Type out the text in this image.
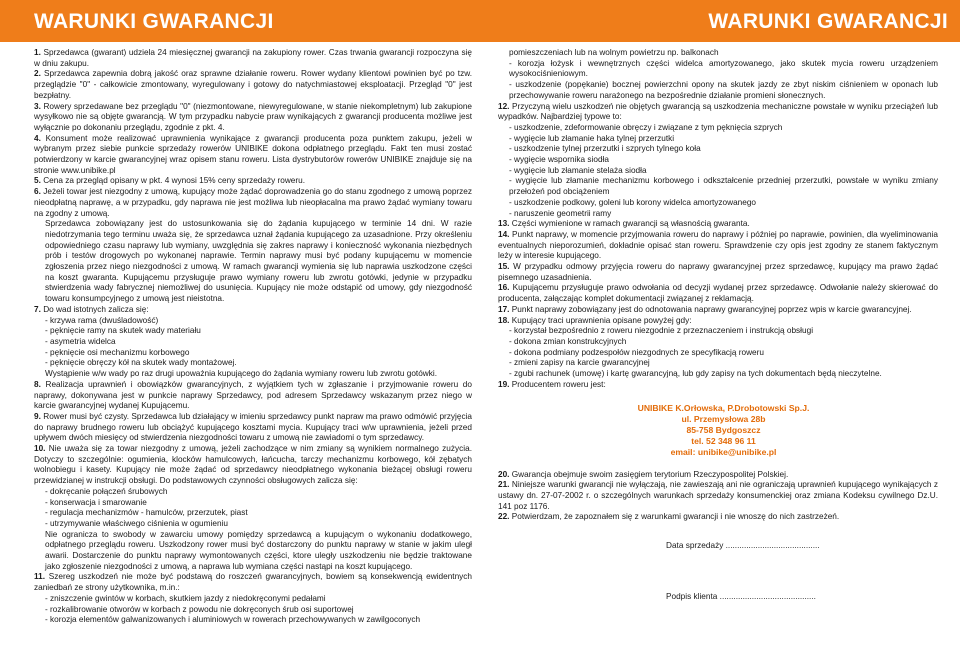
WARUNKI GWARANCJI	WARUNKI GWARANCJI

1. Sprzedawca (gwarant) udziela 24 miesięcznej gwarancji na zakupiony rower. Czas trwania gwarancji rozpoczyna się w dniu zakupu.

2. Sprzedawca zapewnia dobrą jakość oraz sprawne działanie roweru. Rower wydany klientowi powinien być po tzw. przeglądzie "0" - całkowicie zmontowany, wyregulowany i gotowy do natychmiastowej eksploatacji. Przegląd "0" jest bezpłatny.

3. Rowery sprzedawane bez przeglądu "0" (niezmontowane, niewyregulowane, w stanie niekompletnym) lub zakupione wysyłkowo nie są objęte gwarancją. W tym przypadku nabycie praw wynikających z gwarancji producenta możliwe jest wyłącznie po dokonaniu przeglądu, zgodnie z pkt. 4.

4. Konsument może realizować uprawnienia wynikające z gwarancji producenta poza punktem zakupu, jeżeli w wybranym przez siebie punkcie sprzedaży rowerów UNIBIKE dokona odpłatnego przeglądu. Fakt ten musi zostać potwierdzony w karcie gwarancyjnej wraz opisem stanu roweru. Lista dystrybutorów rowerów UNIBIKE znajduje się na stronie www.unibike.pl

5. Cena za przegląd opisany w pkt. 4 wynosi 15% ceny sprzedaży roweru.

6. Jeżeli towar jest niezgodny z umową, kupujący może żądać doprowadzenia go do stanu zgodnego z umową poprzez nieodpłatną naprawę, a w przypadku, gdy naprawa nie jest możliwa lub nieopłacalna ma prawo żądać wymiany towaru na zgodny z umową.

Sprzedawca zobowiązany jest do ustosunkowania się do żądania kupującego w terminie 14 dni. W razie niedotrzymania tego terminu uważa się, że sprzedawca uznał żądania kupującego za uzasadnione. Przy określeniu odpowiedniego czasu naprawy lub wymiany, uwzględnia się zakres naprawy i konieczność wykonania niezbędnych prób i testów drogowych po wykonanej naprawie. Termin naprawy musi być podany kupującemu w momencie zgłoszenia przez niego niezgodności z umową. W ramach gwarancji wymienia się lub naprawia uszkodzone części na koszt gwaranta. Kupującemu przysługuje prawo wymiany roweru lub zwrotu gotówki, jedynie w przypadku stwierdzenia wady fabrycznej niemożliwej do usunięcia. Kupujący nie może odstąpić od umowy, gdy niezgodność towaru konsumpcyjnego z umową jest nieistotna.

7. Do wad istotnych zalicza się:

- krzywa rama (dwuśladowość)

- pęknięcie ramy na skutek wady materiału

- asymetria widelca

- pęknięcie osi mechanizmu korbowego

- pęknięcie obręczy kół na skutek wady montażowej.

Wystąpienie w/w wady po raz drugi upoważnia kupującego do żądania wymiany roweru lub zwrotu gotówki.

8. Realizacja uprawnień i obowiązków gwarancyjnych, z wyjątkiem tych w zgłaszanie i przyjmowanie roweru do naprawy, dokonywana jest w punkcie naprawy Sprzedawcy, pod adresem Sprzedawcy wskazanym przez niego w karcie gwarancyjnej wydanej Kupującemu.

9. Rower musi być czysty. Sprzedawca lub działający w imieniu sprzedawcy punkt napraw ma prawo odmówić przyjęcia do naprawy brudnego roweru lub obciążyć kupującego kosztami mycia. Kupujący traci w/w uprawnienia, jeżeli przed upływem dwóch miesięcy od stwierdzenia niezgodności towaru z umową nie zawiadomi o tym sprzedawcy.

10. Nie uważa się za towar niezgodny z umową, jeżeli zachodzące w nim zmiany są wynikiem normalnego zużycia. Dotyczy to szczególnie: ogumienia, klocków hamulcowych, łańcucha, tarczy mechanizmu korbowego, kół zębatych wolnobiegu i kasety. Kupujący nie może żądać od sprzedawcy nieodpłatnego wykonania bieżącej obsługi roweru przewidzianej w instrukcji obsługi. Do podstawowych czynności obsługowych zalicza się:

- dokręcanie połączeń śrubowych

- konserwacja i smarowanie

- regulacja mechanizmów - hamulców, przerzutek, piast

- utrzymywanie właściwego ciśnienia w ogumieniu

Nie ogranicza to swobody w zawarciu umowy pomiędzy sprzedawcą a kupującym o wykonaniu dodatkowego, odpłatnego przeglądu roweru. Uszkodzony rower musi być dostarczony do punktu naprawy w stanie w jakim uległ awarii. Dostarczenie do punktu naprawy wymontowanych części, ktore uległy uszkodzeniu nie będzie traktowane jako zgłoszenie niezgodności z umową, a naprawa lub wymiana części nastąpi na koszt kupującego.

11. Szereg uszkodzeń nie może być podstawą do roszczeń gwarancyjnych, bowiem są konsekwencją ewidentnych zaniedbań ze strony użytkownika, m.in.:

- zniszczenie gwintów w korbach, skutkiem jazdy z niedokręconymi pedałami

- rozkalibrowanie otworów w korbach z powodu nie dokręconych śrub osi suportowej

- korozja elementów galwanizowanych i aluminiowych w rowerach przechowywanych w zawilgoconych

pomieszczeniach lub na wolnym powietrzu np. balkonach

- korozja łożysk i wewnętrznych części widelca amortyzowanego, jako skutek mycia roweru urządzeniem wysokociśnieniowym.

- uszkodzenie (popękanie) bocznej powierzchni opony na skutek jazdy ze zbyt niskim ciśnieniem w oponach lub przechowywanie roweru narażonego na bezpośrednie działanie promieni słonecznych.

12. Przyczyną wielu uszkodzeń nie objętych gwarancją są uszkodzenia mechaniczne powstałe w wyniku przeciążeń lub wypadków. Najbardziej typowe to:

- uszkodzenie, zdeformowanie obręczy i związane z tym pęknięcia szprych

- wygięcie lub złamanie haka tylnej przerzutki

- uszkodzenie tylnej przerzutki i szprych tylnego koła

- wygięcie wspornika siodła

- wygięcie lub złamanie stelaża siodła

- wygięcie lub złamanie mechanizmu korbowego i odkształcenie przedniej przerzutki, powstałe w wyniku zmiany przełożeń pod obciążeniem

- uszkodzenie podkowy, goleni lub korony widelca amortyzowanego

- naruszenie geometrii ramy

13. Części wymienione w ramach gwarancji są własnością gwaranta.

14. Punkt naprawy, w momencie przyjmowania roweru do naprawy i później po naprawie, powinien, dla wyeliminowania eventualnych nieporozumień, dokładnie opisać stan roweru. Sprawdzenie czy opis jest zgodny ze stanem faktycznym leży w interesie kupującego.

15. W przypadku odmowy przyjęcia roweru do naprawy gwarancyjnej przez sprzedawcę, kupujący ma prawo żądać pisemnego uzasadnienia.

16. Kupującemu przysługuje prawo odwołania od decyzji wydanej przez sprzedawcę. Odwołanie należy skierować do producenta, załączając komplet dokumentacji związanej z reklamacją.

17. Punkt naprawy zobowiązany jest do odnotowania naprawy gwarancyjnej poprzez wpis w karcie gwarancyjnej.

18. Kupujący traci uprawnienia opisane powyżej gdy:

- korzystał bezpośrednio z roweru niezgodnie z przeznaczeniem i instrukcją obsługi

- dokona zmian konstrukcyjnych

- dokona podmiany podzespołów niezgodnych ze specyfikacją roweru

- zmieni zapisy na karcie gwarancyjnej

- zgubi rachunek (umowę) i kartę gwarancyjną, lub gdy zapisy na tych dokumentach będą nieczytelne.

19. Producentem roweru jest:

UNIBIKE K.Orłowska, P.Drobotowski Sp.J.
ul. Przemysłowa 28b
85-758 Bydgoszcz
tel. 52 348 96 11
email: unibike@unibike.pl

20. Gwarancja obejmuje swoim zasięgiem terytorium Rzeczypospolitej Polskiej.

21. Niniejsze warunki gwarancji nie wyłączają, nie zawieszają ani nie ograniczają uprawnień kupującego wynikających z ustawy dn. 27-07-2002 r. o szczególnych warunkach sprzedaży konsumenckiej oraz zmiana Kodeksu cywilnego Dz.U. 141 poz 1176.

22. Potwierdzam, że zapoznałem się z warunkami gwarancji i nie wnoszę do nich zastrzeżeń.

Data sprzedaży .........................................

Podpis klienta ..........................................
